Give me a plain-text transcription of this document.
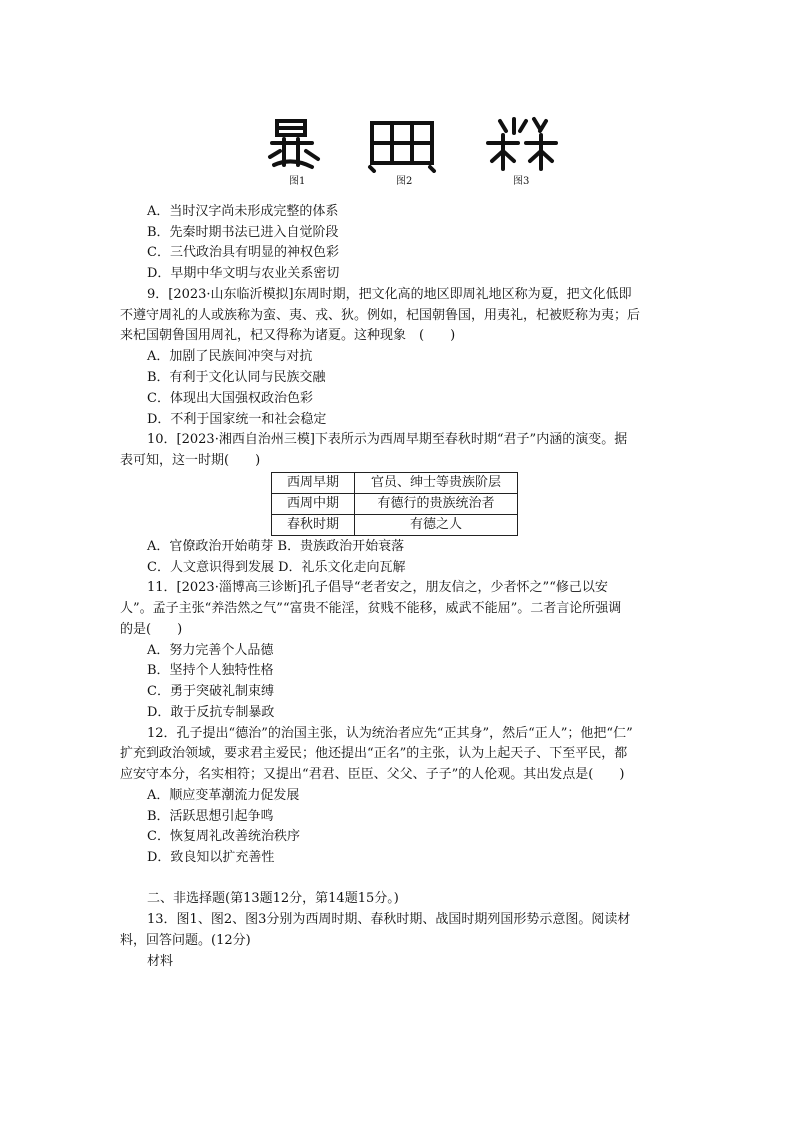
图1	图2	图3
A．当时汉字尚未形成完整的体系
B．先秦时期书法已进入自觉阶段
C．三代政治具有明显的神权色彩
D．早期中华文明与农业关系密切
9．[2023·山东临沂模拟]东周时期，把文化高的地区即周礼地区称为夏，把文化低即
不遵守周礼的人或族称为蛮、夷、戎、狄。例如，杞国朝鲁国，用夷礼，杞被贬称为夷；后
来杞国朝鲁国用周礼，杞又得称为诸夏。这种现象　(　　)
A．加剧了民族间冲突与对抗
B．有利于文化认同与民族交融
C．体现出大国强权政治色彩
D．不利于国家统一和社会稳定
10．[2023·湘西自治州三模]下表所示为西周早期至春秋时期“君子”内涵的演变。据
表可知，这一时期(　　)
西周早期	官员、绅士等贵族阶层
西周中期	有德行的贵族统治者
春秋时期	有德之人
A．官僚政治开始萌芽 B．贵族政治开始衰落
C．人文意识得到发展 D．礼乐文化走向瓦解
11．[2023·淄博高三诊断]孔子倡导“老者安之，朋友信之，少者怀之”“修己以安
人”。孟子主张“养浩然之气”“富贵不能淫，贫贱不能移，威武不能屈”。二者言论所强调
的是(　　)
A．努力完善个人品德
B．坚持个人独特性格
C．勇于突破礼制束缚
D．敢于反抗专制暴政
12．孔子提出“德治”的治国主张，认为统治者应先“正其身”，然后“正人”；他把“仁”
扩充到政治领域，要求君主爱民；他还提出“正名”的主张，认为上起天子、下至平民，都
应安守本分，名实相符；又提出“君君、臣臣、父父、子子”的人伦观。其出发点是(　　)
A．顺应变革潮流力促发展
B．活跃思想引起争鸣
C．恢复周礼改善统治秩序
D．致良知以扩充善性
二、非选择题(第13题12分，第14题15分。)
13．图1、图2、图3分别为西周时期、春秋时期、战国时期列国形势示意图。阅读材
料，回答问题。(12分)
材料
